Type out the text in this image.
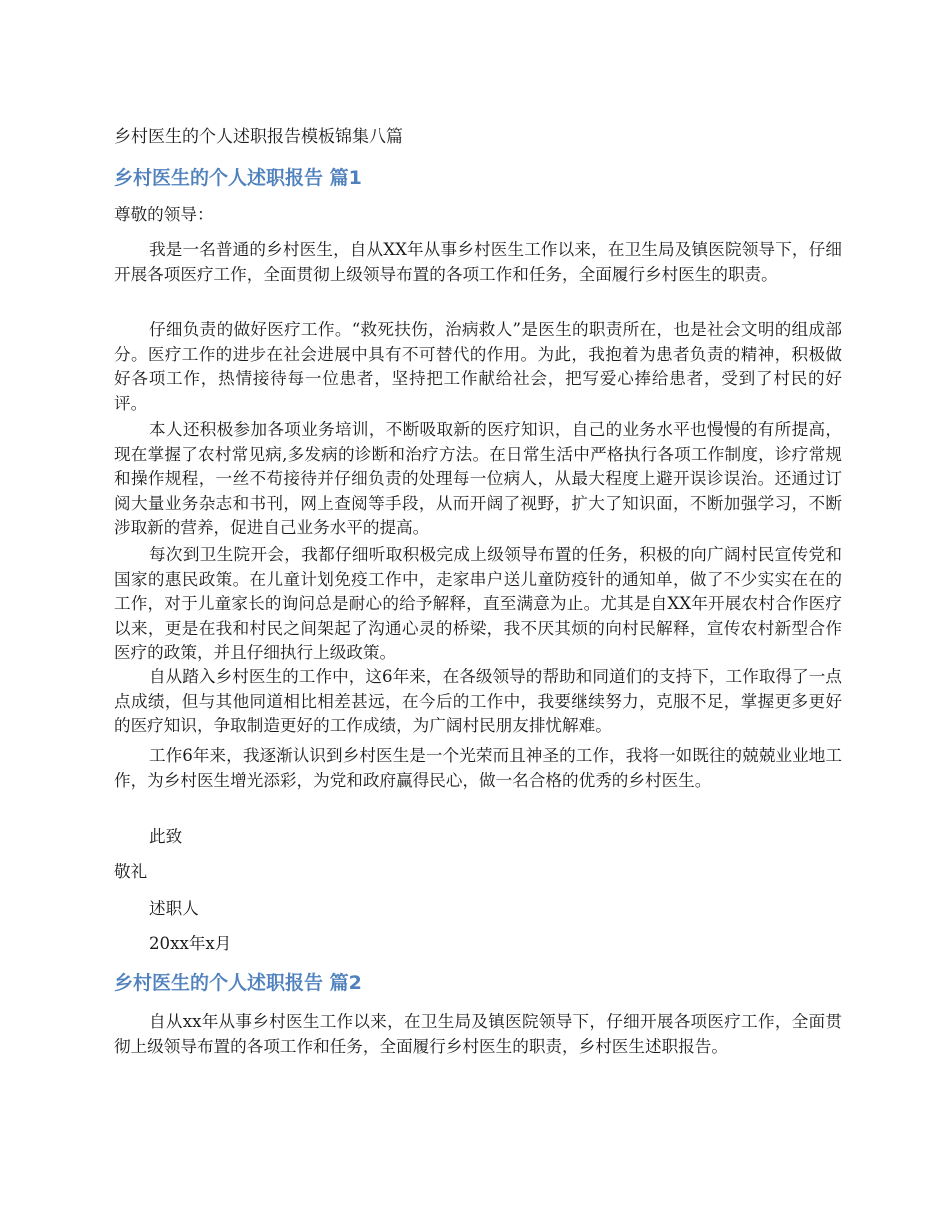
乡村医生的个人述职报告模板锦集八篇
乡村医生的个人述职报告 篇1

尊敬的领导：

我是一名普通的乡村医生，自从XX年从事乡村医生工作以来，在卫生局及镇医院领导下，仔细开展各项医疗工作，全面贯彻上级领导布置的各项工作和任务，全面履行乡村医生的职责。

仔细负责的做好医疗工作。“救死扶伤，治病救人”是医生的职责所在，也是社会文明的组成部分。医疗工作的进步在社会进展中具有不可替代的作用。为此，我抱着为患者负责的精神，积极做好各项工作，热情接待每一位患者，坚持把工作献给社会，把写爱心捧给患者，受到了村民的好评。

本人还积极参加各项业务培训，不断吸取新的医疗知识，自己的业务水平也慢慢的有所提高，现在掌握了农村常见病,多发病的诊断和治疗方法。在日常生活中严格执行各项工作制度，诊疗常规和操作规程，一丝不苟接待并仔细负责的处理每一位病人，从最大程度上避开误诊误治。还通过订阅大量业务杂志和书刊，网上查阅等手段，从而开阔了视野，扩大了知识面，不断加强学习，不断涉取新的营养，促进自己业务水平的提高。

每次到卫生院开会，我都仔细听取积极完成上级领导布置的任务，积极的向广阔村民宣传党和国家的惠民政策。在儿童计划免疫工作中，走家串户送儿童防疫针的通知单，做了不少实实在在的工作，对于儿童家长的询问总是耐心的给予解释，直至满意为止。尤其是自XX年开展农村合作医疗以来，更是在我和村民之间架起了沟通心灵的桥梁，我不厌其烦的向村民解释，宣传农村新型合作医疗的政策，并且仔细执行上级政策。

自从踏入乡村医生的工作中，这6年来，在各级领导的帮助和同道们的支持下，工作取得了一点点成绩，但与其他同道相比相差甚远，在今后的工作中，我要继续努力，克服不足，掌握更多更好的医疗知识，争取制造更好的工作成绩，为广阔村民朋友排忧解难。

工作6年来，我逐渐认识到乡村医生是一个光荣而且神圣的工作，我将一如既往的兢兢业业地工作，为乡村医生增光添彩，为党和政府赢得民心，做一名合格的优秀的乡村医生。

此致

敬礼

述职人

20xx年x月

乡村医生的个人述职报告 篇2

自从xx年从事乡村医生工作以来，在卫生局及镇医院领导下，仔细开展各项医疗工作，全面贯彻上级领导布置的各项工作和任务，全面履行乡村医生的职责，乡村医生述职报告。
